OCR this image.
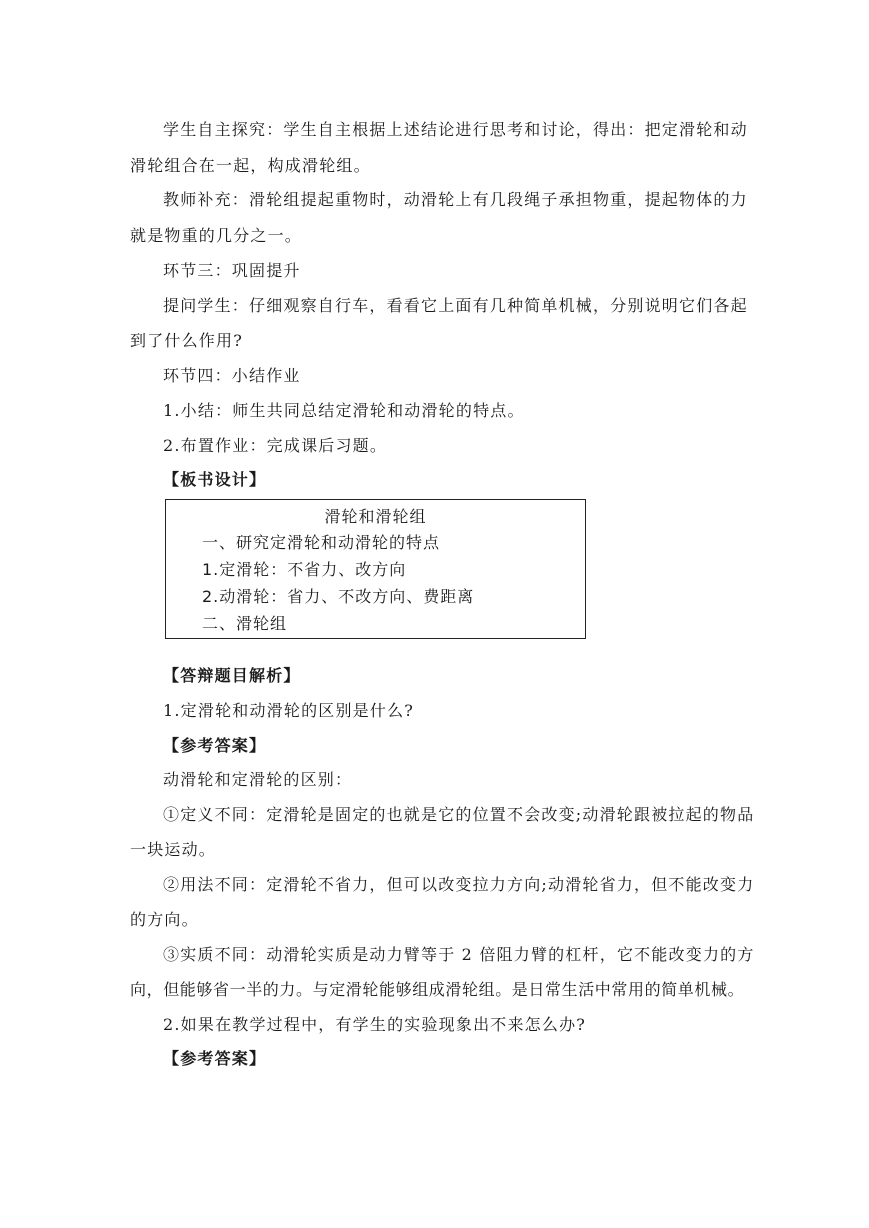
学生自主探究：学生自主根据上述结论进行思考和讨论，得出：把定滑轮和动
滑轮组合在一起，构成滑轮组。
教师补充：滑轮组提起重物时，动滑轮上有几段绳子承担物重，提起物体的力
就是物重的几分之一。
环节三：巩固提升
提问学生：仔细观察自行车，看看它上面有几种简单机械，分别说明它们各起
到了什么作用?
环节四：小结作业
1.小结：师生共同总结定滑轮和动滑轮的特点。
2.布置作业：完成课后习题。
【板书设计】
滑轮和滑轮组
一、研究定滑轮和动滑轮的特点
1.定滑轮：不省力、改方向
2.动滑轮：省力、不改方向、费距离
二、滑轮组
【答辩题目解析】
1.定滑轮和动滑轮的区别是什么?
【参考答案】
动滑轮和定滑轮的区别：
①定义不同：定滑轮是固定的也就是它的位置不会改变;动滑轮跟被拉起的物品
一块运动。
②用法不同：定滑轮不省力，但可以改变拉力方向;动滑轮省力，但不能改变力
的方向。
③实质不同：动滑轮实质是动力臂等于 2 倍阻力臂的杠杆，它不能改变力的方
向，但能够省一半的力。与定滑轮能够组成滑轮组。是日常生活中常用的简单机械。
2.如果在教学过程中，有学生的实验现象出不来怎么办?
【参考答案】
